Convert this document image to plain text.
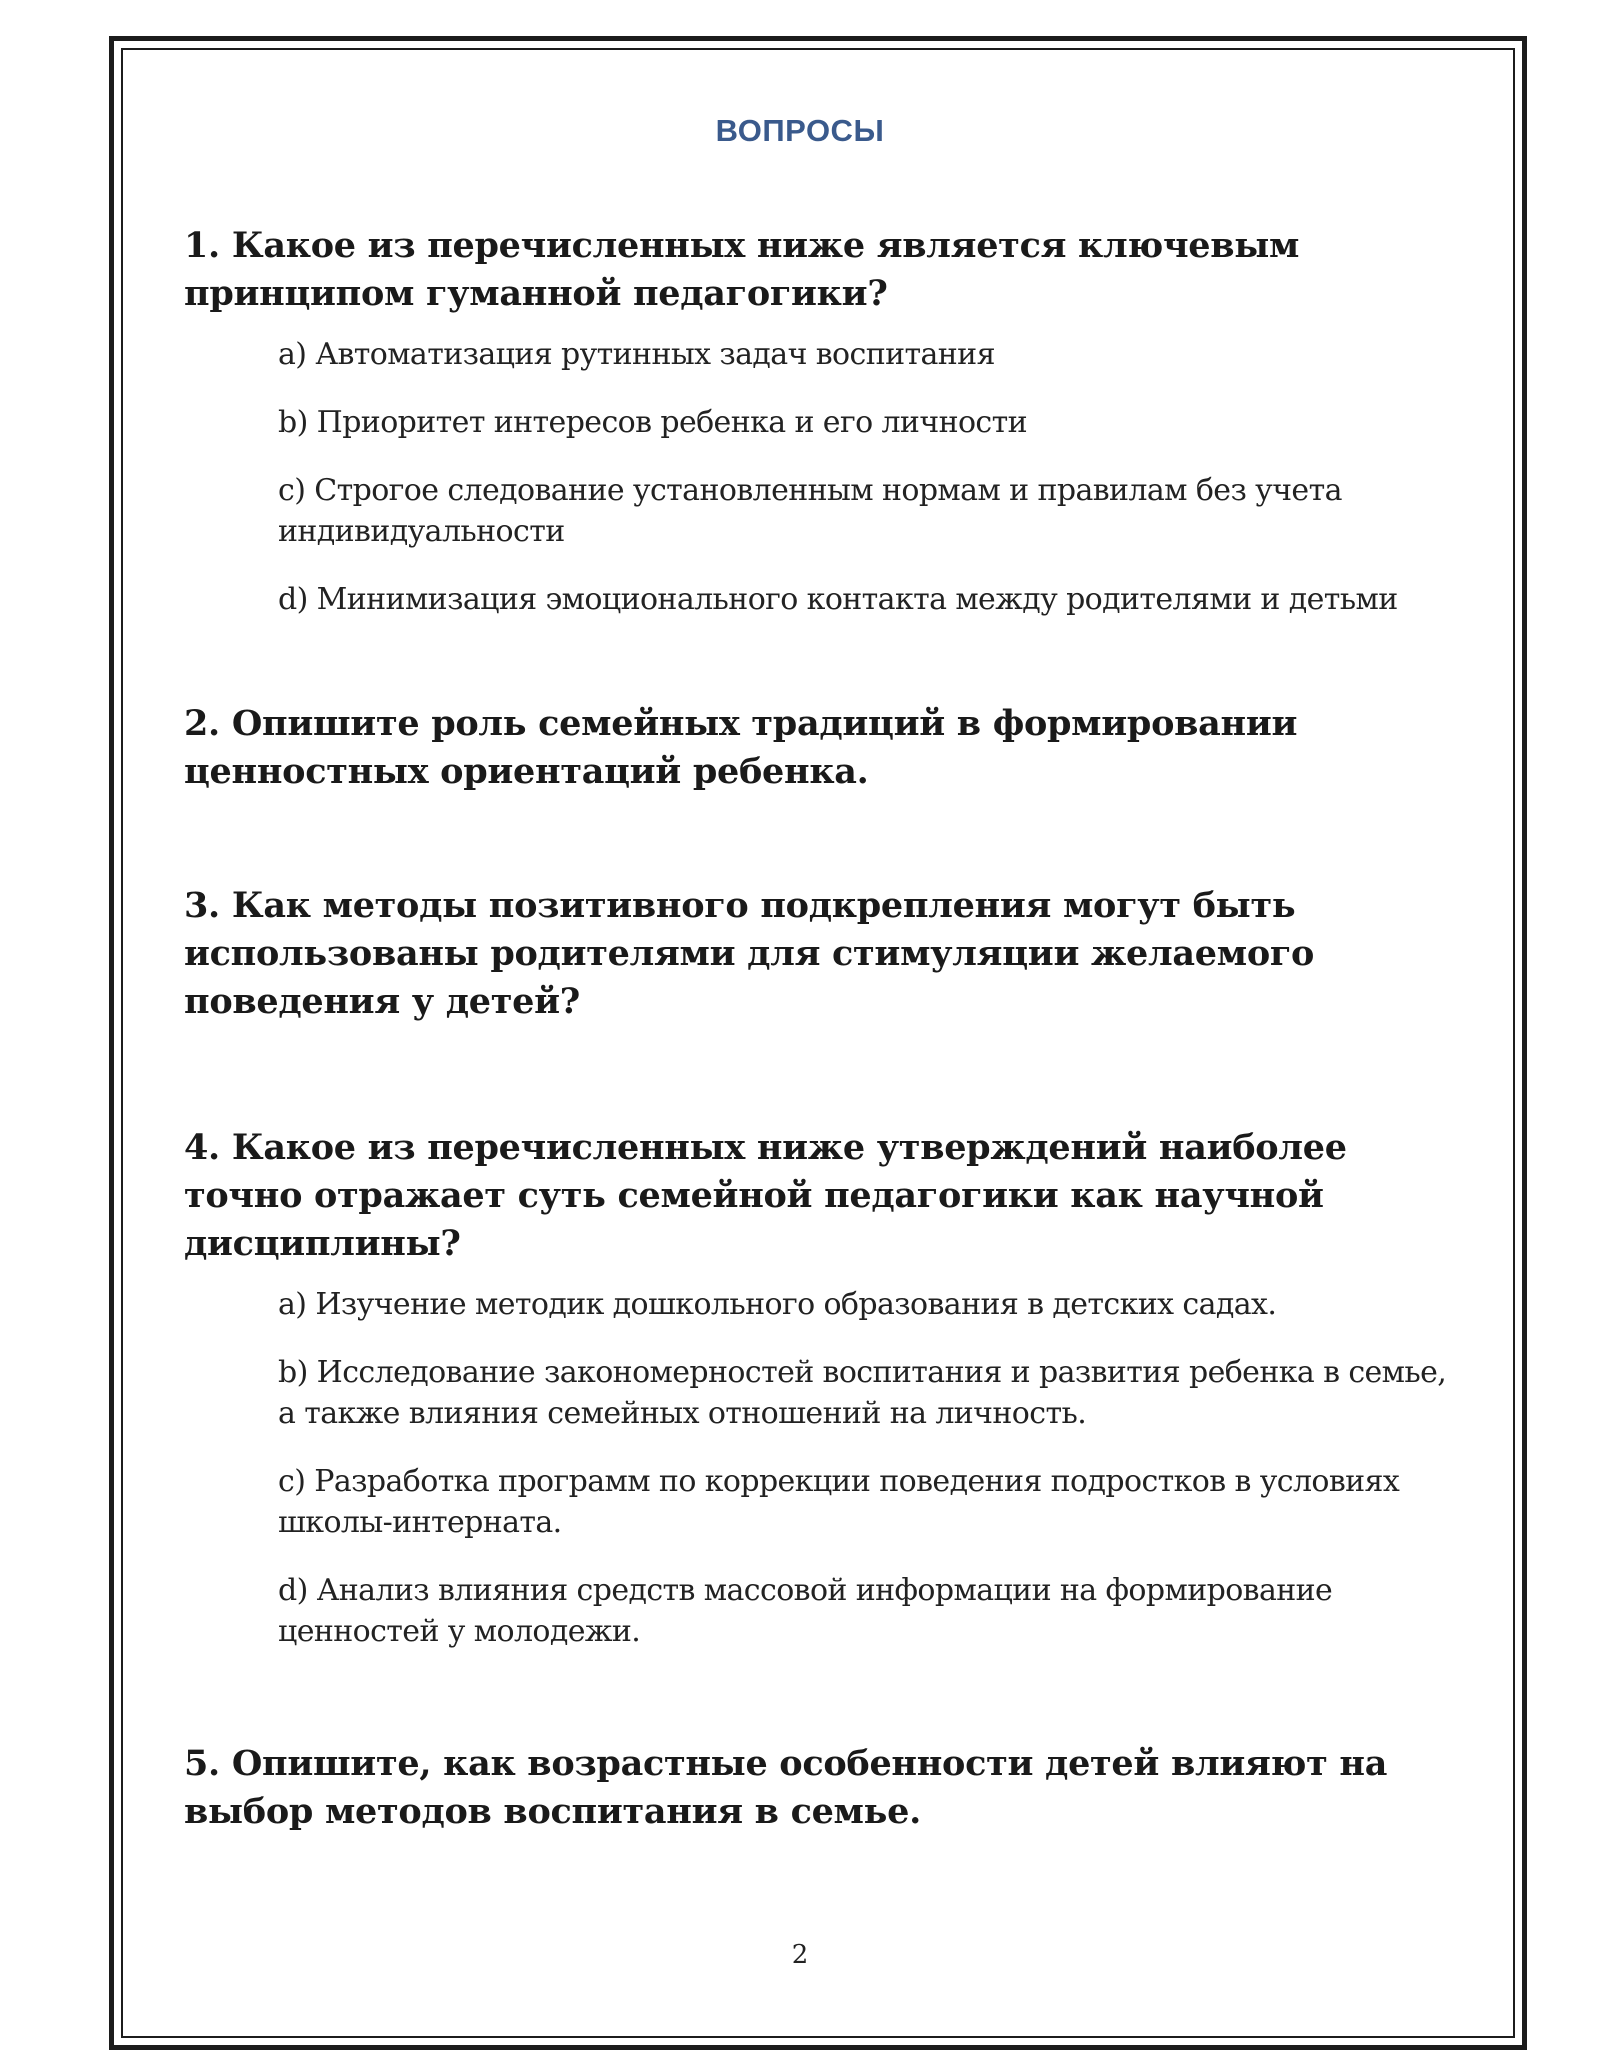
ВОПРОСЫ

1. Какое из перечисленных ниже является ключевым принципом гуманной педагогики?

a) Автоматизация рутинных задач воспитания
b) Приоритет интересов ребенка и его личности
c) Строгое следование установленным нормам и правилам без учета индивидуальности
d) Минимизация эмоционального контакта между родителями и детьми

2. Опишите роль семейных традиций в формировании ценностных ориентаций ребенка.

3. Как методы позитивного подкрепления могут быть использованы родителями для стимуляции желаемого поведения у детей?

4. Какое из перечисленных ниже утверждений наиболее точно отражает суть семейной педагогики как научной дисциплины?

a) Изучение методик дошкольного образования в детских садах.
b) Исследование закономерностей воспитания и развития ребенка в семье, а также влияния семейных отношений на личность.
c) Разработка программ по коррекции поведения подростков в условиях школы-интерната.
d) Анализ влияния средств массовой информации на формирование ценностей у молодежи.

5. Опишите, как возрастные особенности детей влияют на выбор методов воспитания в семье.

2
